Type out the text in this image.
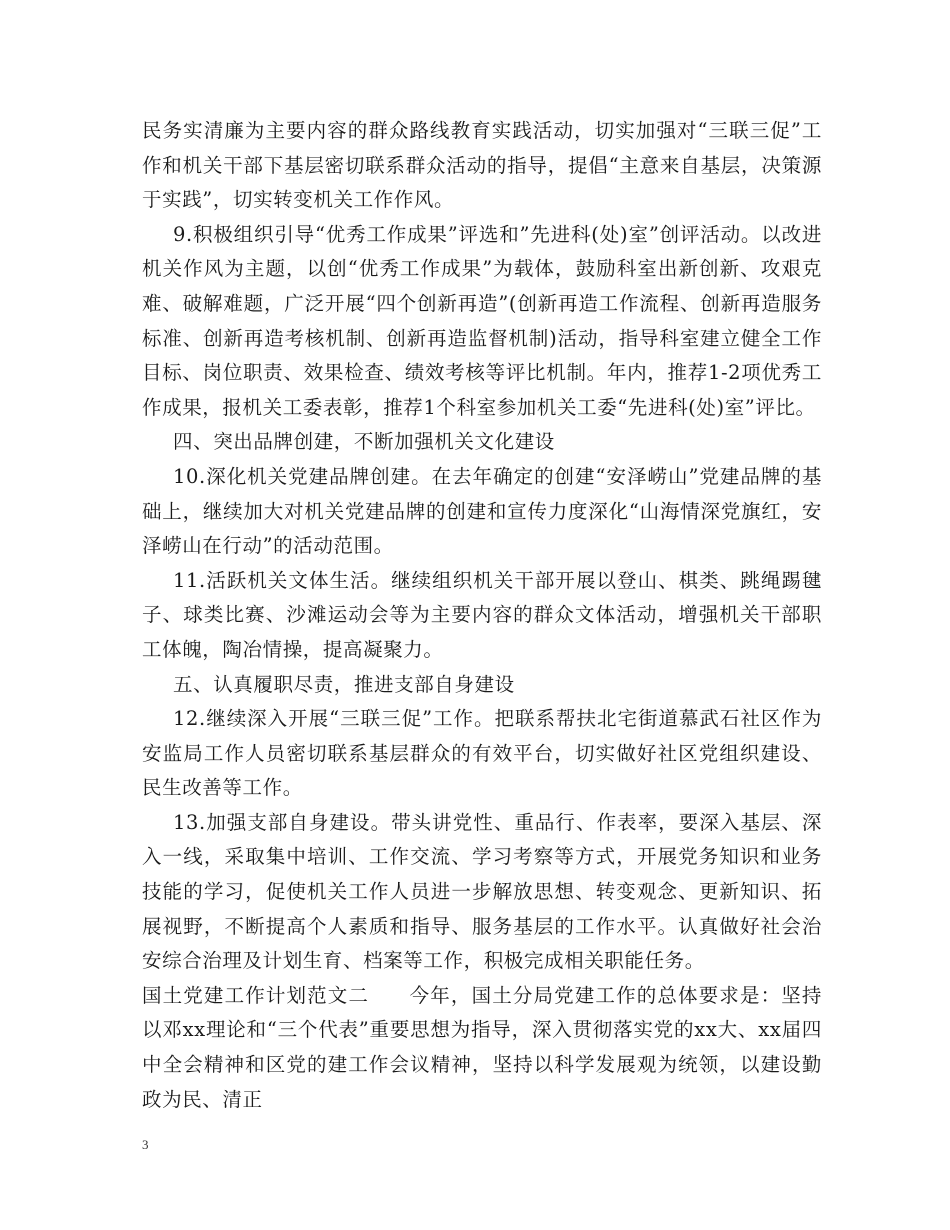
民务实清廉为主要内容的群众路线教育实践活动，切实加强对“三联三促”工作和机关干部下基层密切联系群众活动的指导，提倡“主意来自基层，决策源于实践”，切实转变机关工作作风。

9.积极组织引导“优秀工作成果”评选和”先进科(处)室”创评活动。以改进机关作风为主题，以创“优秀工作成果”为载体，鼓励科室出新创新、攻艰克难、破解难题，广泛开展“四个创新再造”(创新再造工作流程、创新再造服务标准、创新再造考核机制、创新再造监督机制)活动，指导科室建立健全工作目标、岗位职责、效果检查、绩效考核等评比机制。年内，推荐1-2项优秀工作成果，报机关工委表彰，推荐1个科室参加机关工委“先进科(处)室”评比。

四、突出品牌创建，不断加强机关文化建设

10.深化机关党建品牌创建。在去年确定的创建“安泽崂山”党建品牌的基础上，继续加大对机关党建品牌的创建和宣传力度深化“山海情深党旗红，安泽崂山在行动”的活动范围。

11.活跃机关文体生活。继续组织机关干部开展以登山、棋类、跳绳踢毽子、球类比赛、沙滩运动会等为主要内容的群众文体活动，增强机关干部职工体魄，陶冶情操，提高凝聚力。

五、认真履职尽责，推进支部自身建设

12.继续深入开展“三联三促”工作。把联系帮扶北宅街道慕武石社区作为安监局工作人员密切联系基层群众的有效平台，切实做好社区党组织建设、民生改善等工作。

13.加强支部自身建设。带头讲党性、重品行、作表率，要深入基层、深入一线，采取集中培训、工作交流、学习考察等方式，开展党务知识和业务技能的学习，促使机关工作人员进一步解放思想、转变观念、更新知识、拓展视野，不断提高个人素质和指导、服务基层的工作水平。认真做好社会治安综合治理及计划生育、档案等工作，积极完成相关职能任务。

国土党建工作计划范文二 今年，国土分局党建工作的总体要求是：坚持以邓xx理论和“三个代表”重要思想为指导，深入贯彻落实党的xx大、xx届四中全会精神和区党的建工作会议精神，坚持以科学发展观为统领，以建设勤政为民、清正

3
